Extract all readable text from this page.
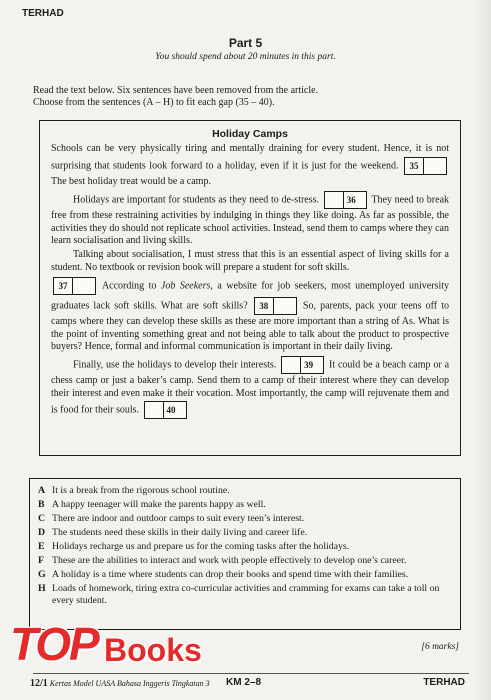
TERHAD
Part 5
You should spend about 20 minutes in this part.
Read the text below. Six sentences have been removed from the article.
Choose from the sentences (A – H) to fit each gap (35 – 40).
Holiday Camps

Schools can be very physically tiring and mentally draining for every student. Hence, it is not surprising that students look forward to a holiday, even if it is just for the weekend.	35
The best holiday treat would be a camp.

Holidays are important for students as they need to de-stress.	36 They need to break free from these restraining activities by indulging in things they like doing. As far as possible, the activities they do should not replicate school activities. Instead, send them to camps where they can learn socialisation and living skills.

Talking about socialisation, I must stress that this is an essential aspect of living skills for a student. No textbook or revision book will prepare a student for soft skills.

37	According to Job Seekers, a website for job seekers, most unemployed university graduates lack soft skills. What are soft skills?	38	So, parents, pack your teens off to camps where they can develop these skills as these are more important than a string of As. What is the point of inventing something great and not being able to talk about the product to prospective buyers? Hence, formal and informal communication is important in their daily living.

Finally, use the holidays to develop their interests.	39 It could be a beach camp or a chess camp or just a baker’s camp. Send them to a camp of their interest where they can develop their interest and even make it their vocation. Most importantly, the camp will rejuvenate them and is food for their souls.	40

A It is a break from the rigorous school routine.
B A happy teenager will make the parents happy as well.
C There are indoor and outdoor camps to suit every teen’s interest.
D The students need these skills in their daily living and career life.
E Holidays recharge us and prepare us for the coming tasks after the holidays.
F These are the abilities to interact and work with people effectively to develop one’s career.
G A holiday is a time where students can drop their books and spend time with their families.
H Loads of homework, tiring extra co-curricular activities and cramming for exams can take a toll on every student.
[6 marks]
TOP Books
12/1 Kertas Model UASA Bahasa Inggeris Tingkatan 3 KM 2–8	TERHAD
